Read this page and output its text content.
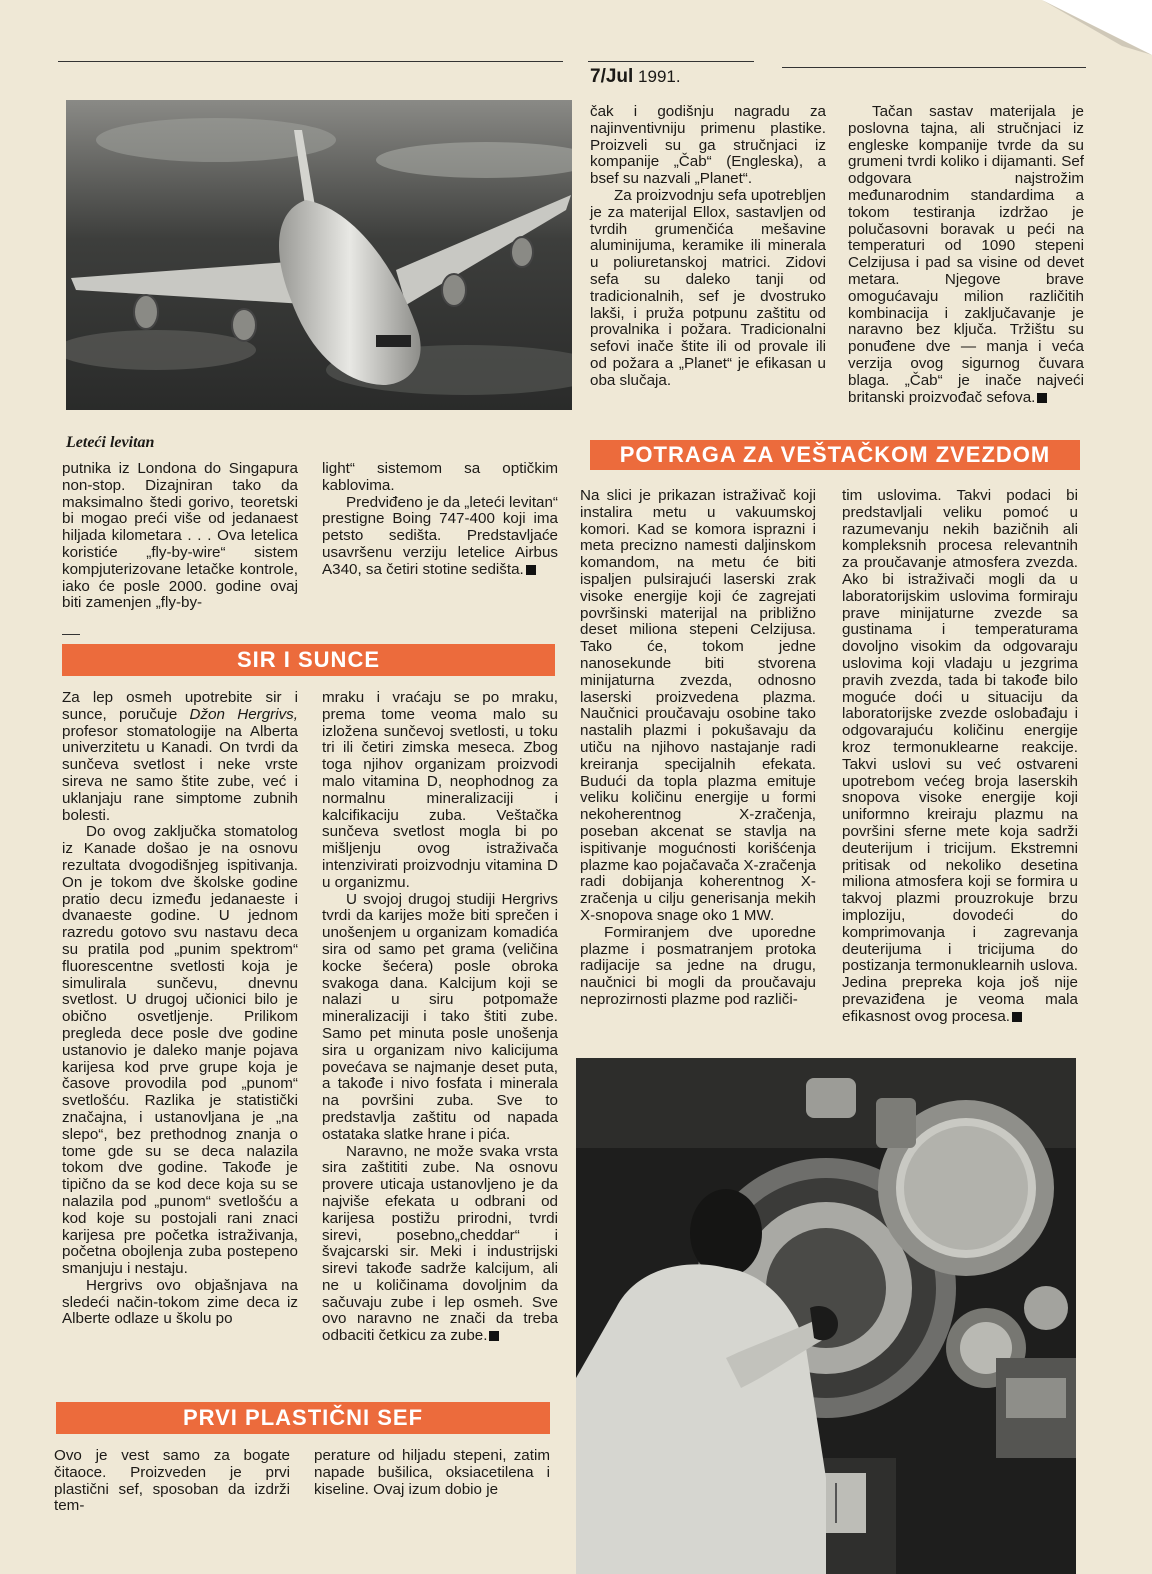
7/Jul 1991.
Leteći levitan

putnika iz Londona do Singapura non-stop. Dizajniran tako da maksimalno štedi gorivo, teoretski bi mogao preći više od jedanaest hiljada kilometara . . . Ova letelica koristiće „fly-by-wire“ sistem kompjuterizovane letačke kontrole, iako će posle 2000. godine ovaj biti zamenjen „fly-by-

light“ sistemom sa optičkim kablovima.

Predviđeno je da „leteći levitan“ prestigne Boing 747-400 koji ima petsto sedišta. Predstavljaće usavršenu verziju letelice Airbus A340, sa četiri stotine sedišta.

SIR I SUNCE

Za lep osmeh upotrebite sir i sunce, poručuje Džon Hergrivs, profesor stomatologije na Alberta univerzitetu u Kanadi. On tvrdi da sunčeva svetlost i neke vrste sireva ne samo štite zube, već i uklanjaju rane simptome zubnih bolesti.

Do ovog zaključka stomatolog iz Kanade došao je na osnovu rezultata dvogodišnjeg ispitivanja. On je tokom dve školske godine pratio decu između jedanaeste i dvanaeste godine. U jednom razredu gotovo svu nastavu deca su pratila pod „punim spektrom“ fluorescentne svetlosti koja je simulirala sunčevu, dnevnu svetlost. U drugoj učionici bilo je obično osvetljenje. Prilikom pregleda dece posle dve godine ustanovio je daleko manje pojava karijesa kod prve grupe koja je časove provodila pod „punom“ svetlošću. Razlika je statistički značajna, i ustanovljana je „na slepo“, bez prethodnog znanja o tome gde su se deca nalazila tokom dve godine. Takođe je tipično da se kod dece koja su se nalazila pod „punom“ svetlošću a kod koje su postojali rani znaci karijesa pre početka istraživanja, početna obojlenja zuba postepeno smanjuju i nestaju.

Hergrivs ovo objašnjava na sledeći način-tokom zime deca iz Alberte odlaze u školu po

mraku i vraćaju se po mraku, prema tome veoma malo su izložena sunčevoj svetlosti, u toku tri ili četiri zimska meseca. Zbog toga njihov organizam proizvodi malo vitamina D, neophodnog za normalnu mineralizaciji i kalcifikaciju zuba. Veštačka sunčeva svetlost mogla bi po mišljenju ovog istraživača intenzivirati proizvodnju vitamina D u organizmu.

U svojoj drugoj studiji Hergrivs tvrdi da karijes može biti sprečen i unošenjem u organizam komadića sira od samo pet grama (veličina kocke šećera) posle obroka svakoga dana. Kalcijum koji se nalazi u siru potpomaže mineralizaciji i tako štiti zube. Samo pet minuta posle unošenja sira u organizam nivo kalicijuma povećava se najmanje deset puta, a takođe i nivo fosfata i minerala na površini zuba. Sve to predstavlja zaštitu od napada ostataka slatke hrane i pića.

Naravno, ne može svaka vrsta sira zaštititi zube. Na osnovu provere uticaja ustanovljeno je da najviše efekata u odbrani od karijesa postižu prirodni, tvrdi sirevi, posebno„cheddar“ i švajcarski sir. Meki i industrijski sirevi takođe sadrže kalcijum, ali ne u količinama dovoljnim da sačuvaju zube i lep osmeh. Sve ovo naravno ne znači da treba odbaciti četkicu za zube.

PRVI PLASTIČNI SEF

Ovo je vest samo za bogate čitaoce. Proizveden je prvi plastični sef, sposoban da izdrži tem-

perature od hiljadu stepeni, zatim napade bušilica, oksiacetilena i kiseline. Ovaj izum dobio je

čak i godišnju nagradu za najinventivniju primenu plastike. Proizveli su ga stručnjaci iz kompanije „Čab“ (Engleska), a bsef su nazvali „Planet“.

Za proizvodnju sefa upotrebljen je za materijal Ellox, sastavljen od tvrdih grumenčića mešavine aluminijuma, keramike ili minerala u poliuretanskoj matrici. Zidovi sefa su daleko tanji od tradicionalnih, sef je dvostruko lakši, i pruža potpunu zaštitu od provalnika i požara. Tradicionalni sefovi inače štite ili od provale ili od požara a „Planet“ je efikasan u oba slučaja.

Tačan sastav materijala je poslovna tajna, ali stručnjaci iz engleske kompanije tvrde da su grumeni tvrdi koliko i dijamanti. Sef odgovara najstrožim međunarodnim standardima a tokom testiranja izdržao je polučasovni boravak u peći na temperaturi od 1090 stepeni Celzijusa i pad sa visine od devet metara. Njegove brave omogućavaju milion različitih kombinacija i zaključavanje je naravno bez ključa. Tržištu su ponuđene dve — manja i veća verzija ovog sigurnog čuvara blaga. „Čab“ je inače najveći britanski proizvođač sefova.

POTRAGA ZA VEŠTAČKOM ZVEZDOM

Na slici je prikazan istraživač koji instalira metu u vakuumskoj komori. Kad se komora isprazni i meta precizno namesti daljinskom komandom, na metu će biti ispaljen pulsirajući laserski zrak visoke energije koji će zagrejati površinski materijal na približno deset miliona stepeni Celzijusa. Tako će, tokom jedne nanosekunde biti stvorena minijaturna zvezda, odnosno laserski proizvedena plazma. Naučnici proučavaju osobine tako nastalih plazmi i pokušavaju da utiču na njihovo nastajanje radi kreiranja specijalnih efekata. Budući da topla plazma emituje veliku količinu energije u formi nekoherentnog X-zračenja, poseban akcenat se stavlja na ispitivanje mogućnosti korišćenja plazme kao pojačavača X-zračenja radi dobijanja koherentnog X-zračenja u cilju generisanja mekih X-snopova snage oko 1 MW.

Formiranjem dve uporedne plazme i posmatranjem protoka radijacije sa jedne na drugu, naučnici bi mogli da proučavaju neprozirnosti plazme pod različi-

tim uslovima. Takvi podaci bi predstavljali veliku pomoć u razumevanju nekih bazičnih ali kompleksnih procesa relevantnih za proučavanje atmosfera zvezda. Ako bi istraživači mogli da u laboratorijskim uslovima formiraju prave minijaturne zvezde sa gustinama i temperaturama dovoljno visokim da odgovaraju uslovima koji vladaju u jezgrima pravih zvezda, tada bi takođe bilo moguće doći u situaciju da laboratorijske zvezde oslobađaju i odgovarajuću količinu energije kroz termonuklearne reakcije. Takvi uslovi su već ostvareni upotrebom većeg broja laserskih snopova visoke energije koji uniformno kreiraju plazmu na površini sferne mete koja sadrži deuterijum i tricijum. Ekstremni pritisak od nekoliko desetina miliona atmosfera koji se formira u takvoj plazmi prouzrokuje brzu imploziju, dovodeći do komprimovanja i zagrevanja deuterijuma i tricijuma do postizanja termonuklearnih uslova. Jedina prepreka koja još nije prevaziđena je veoma mala efikasnost ovog procesa.
